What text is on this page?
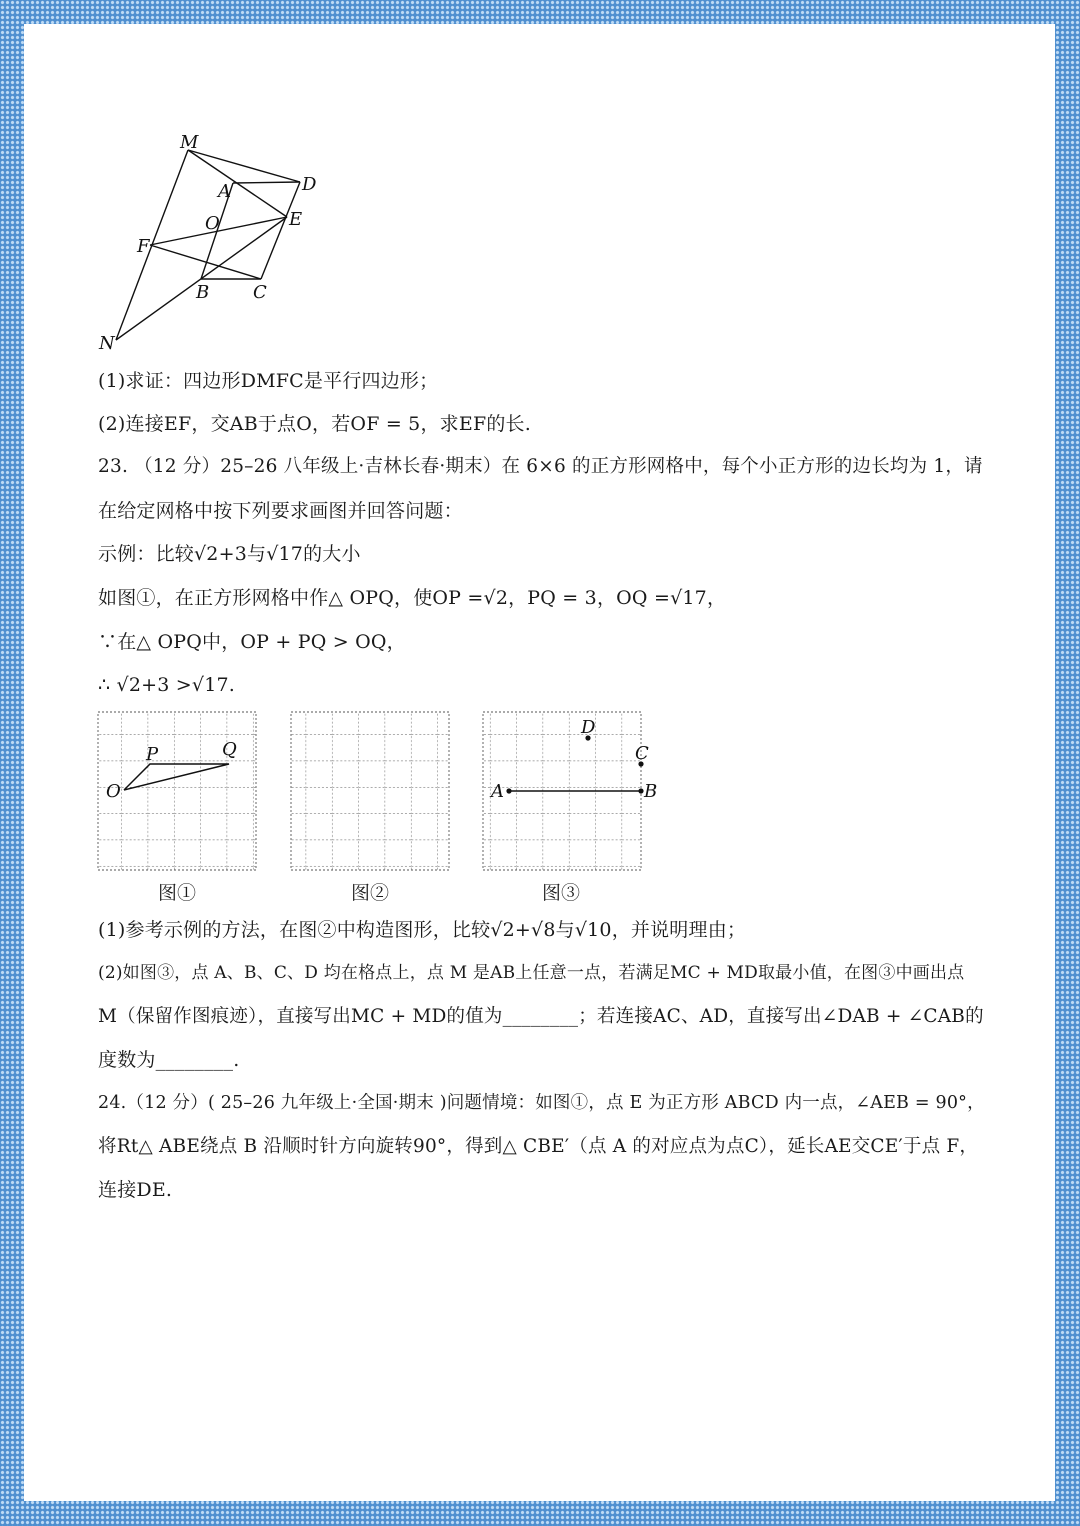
M
A	D
O	E
F
B C
N
(1)求证：四边形DMFC是平行四边形；
(2)连接EF，交AB于点O，若OF = 5，求EF的长.
23. （12 分）25–26 八年级上·吉林长春·期末）在 6×6 的正方形网格中，每个小正方形的边长均为 1，请
在给定网格中按下列要求画图并回答问题：
示例：比较√2+3与√17的大小
如图①，在正方形网格中作△ OPQ，使OP =√2，PQ = 3，OQ =√17，
∵在△ OPQ中，OP + PQ > OQ，
∴ √2+3 >√17.
P	Q
O
D
C
A	B
图①	图②	图③
(1)参考示例的方法，在图②中构造图形，比较√2+√8与√10，并说明理由；
(2)如图③，点 A、B、C、D 均在格点上，点 M 是AB上任意一点，若满足MC + MD取最小值，在图③中画出点
M（保留作图痕迹），直接写出MC + MD的值为________；若连接AC、AD，直接写出∠DAB + ∠CAB的
度数为________.
24.（12 分）( 25–26 九年级上·全国·期末 )问题情境：如图①，点 E 为正方形 ABCD 内一点，∠AEB = 90°，
将Rt△ ABE绕点 B 沿顺时针方向旋转90°，得到△ CBE′（点 A 的对应点为点C），延长AE交CE′于点 F，
连接DE.
